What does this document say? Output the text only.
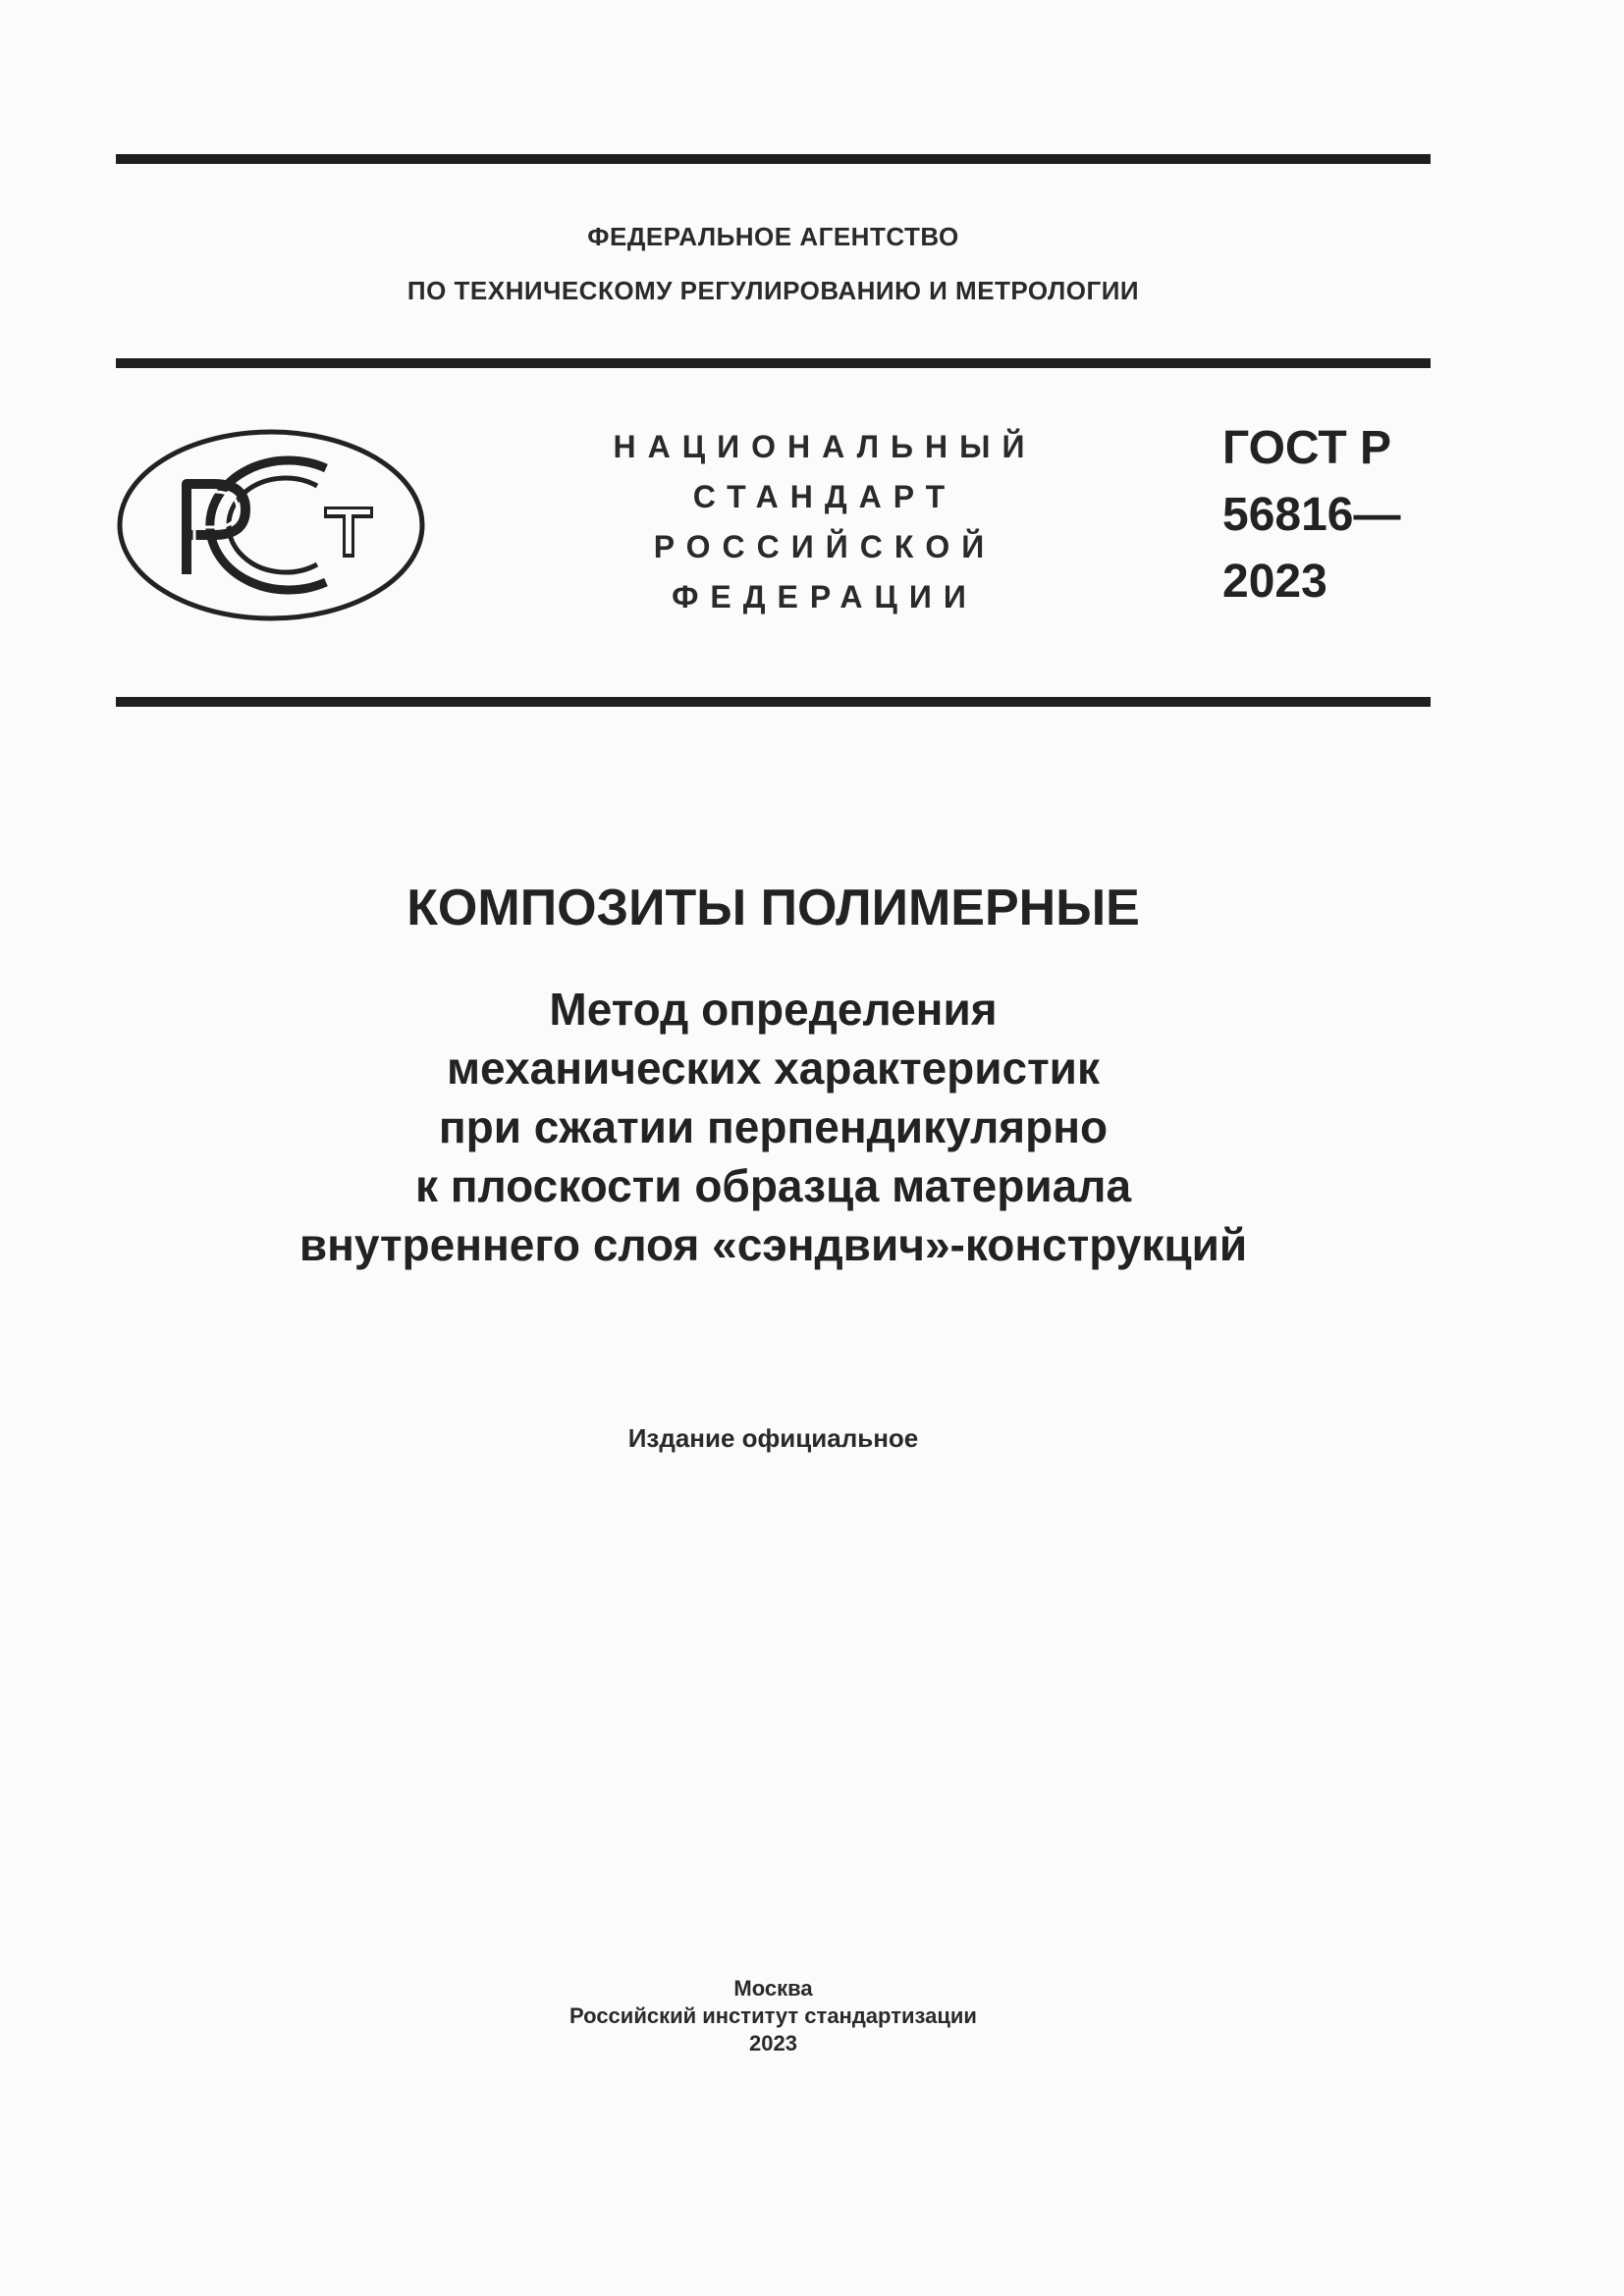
ФЕДЕРАЛЬНОЕ АГЕНТСТВО
ПО ТЕХНИЧЕСКОМУ РЕГУЛИРОВАНИЮ И МЕТРОЛОГИИ
НАЦИОНАЛЬНЫЙ
СТАНДАРТ
РОССИЙСКОЙ
ФЕДЕРАЦИИ
ГОСТ Р
56816—
2023
КОМПОЗИТЫ ПОЛИМЕРНЫЕ
Метод определения
механических характеристик
при сжатии перпендикулярно
к плоскости образца материала
внутреннего слоя «сэндвич»-конструкций
Издание официальное
Москва
Российский институт стандартизации
2023
